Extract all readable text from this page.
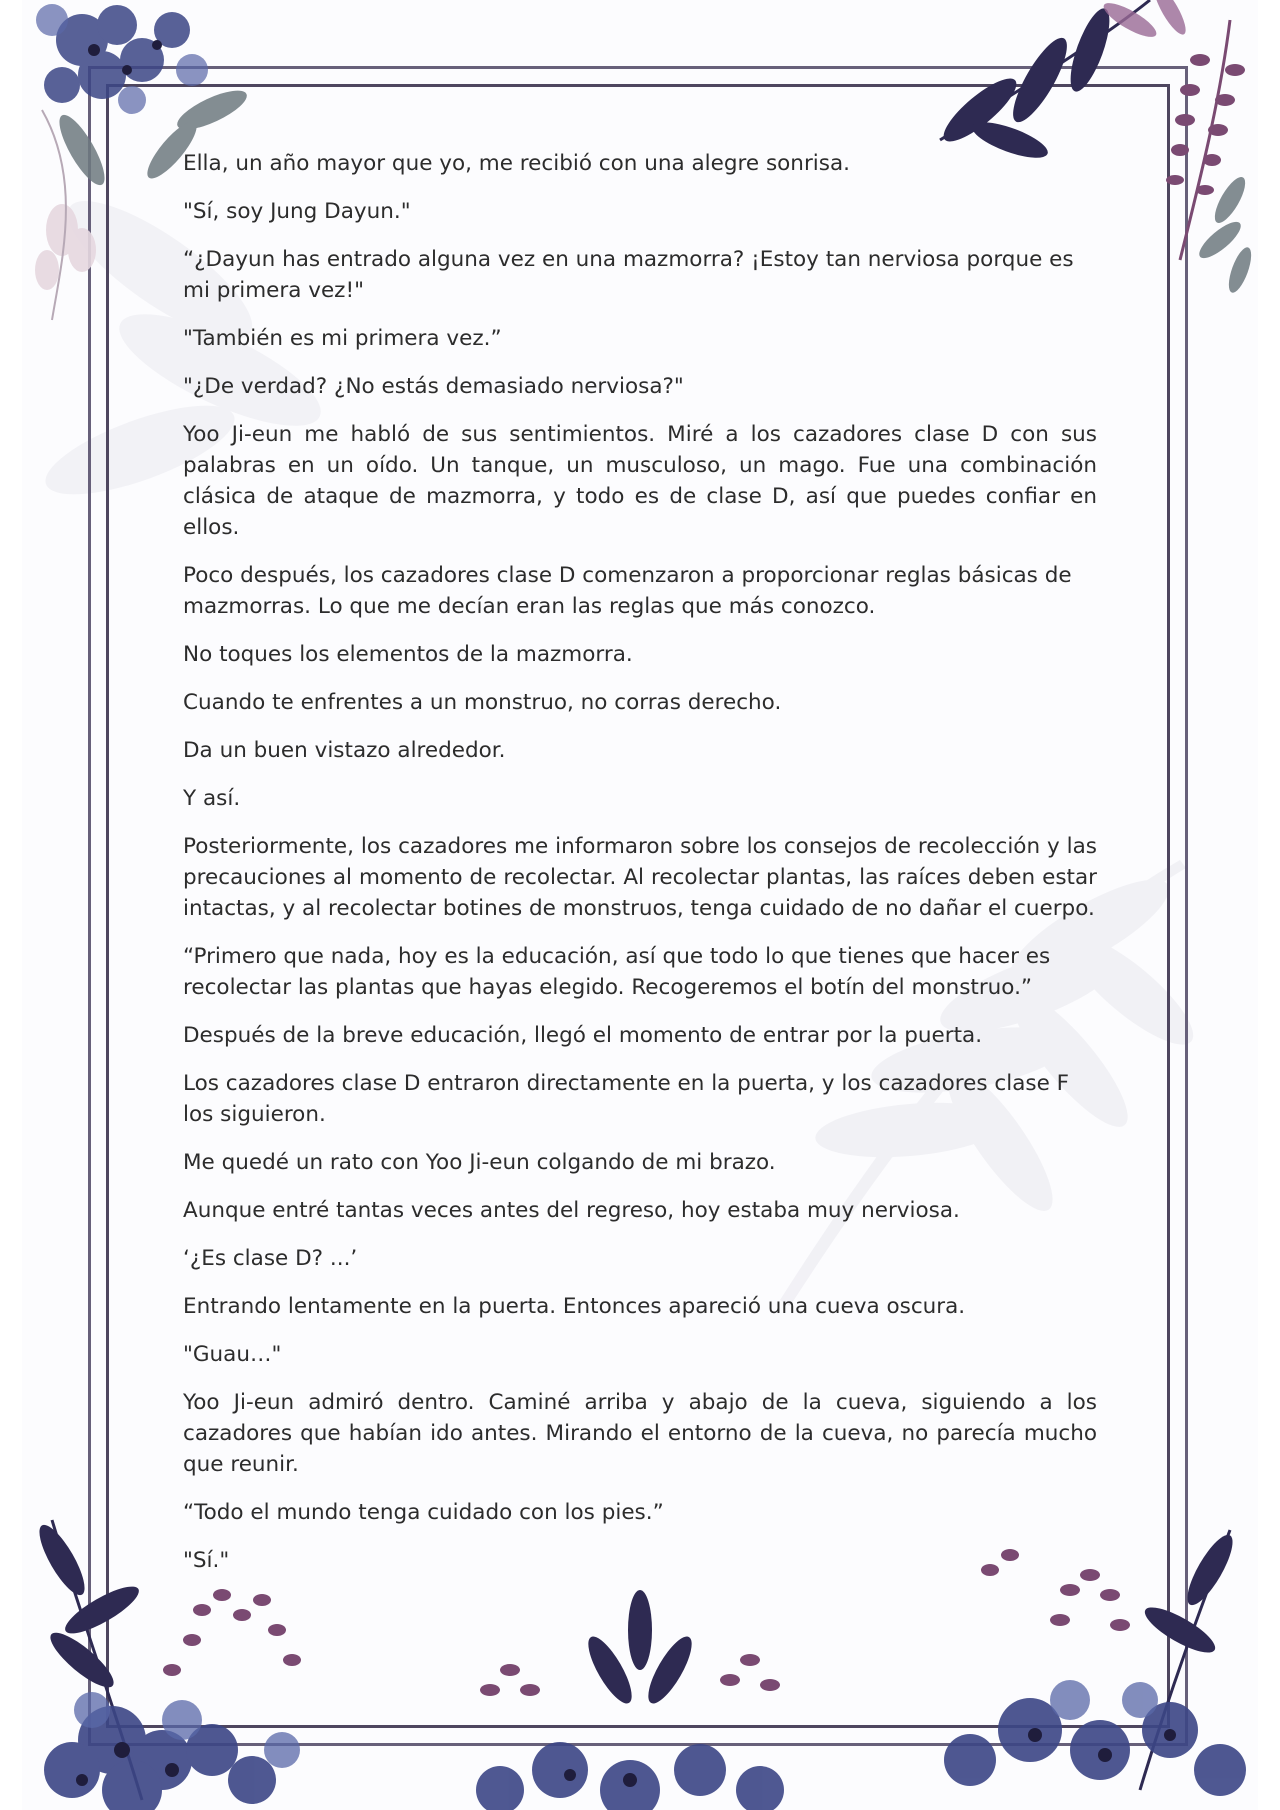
Ella, un año mayor que yo, me recibió con una alegre sonrisa.

"Sí, soy Jung Dayun."

“¿Dayun has entrado alguna vez en una mazmorra? ¡Estoy tan nerviosa porque es mi primera vez!"

"También es mi primera vez.”

"¿De verdad? ¿No estás demasiado nerviosa?"

Yoo Ji-eun me habló de sus sentimientos. Miré a los cazadores clase D con sus palabras en un oído. Un tanque, un musculoso, un mago. Fue una combinación clásica de ataque de mazmorra, y todo es de clase D, así que puedes confiar en ellos.

Poco después, los cazadores clase D comenzaron a proporcionar reglas básicas de mazmorras. Lo que me decían eran las reglas que más conozco.

No toques los elementos de la mazmorra.

Cuando te enfrentes a un monstruo, no corras derecho.

Da un buen vistazo alrededor.

Y así.

Posteriormente, los cazadores me informaron sobre los consejos de recolección y las precauciones al momento de recolectar. Al recolectar plantas, las raíces deben estar intactas, y al recolectar botines de monstruos, tenga cuidado de no dañar el cuerpo.

“Primero que nada, hoy es la educación, así que todo lo que tienes que hacer es recolectar las plantas que hayas elegido. Recogeremos el botín del monstruo.”

Después de la breve educación, llegó el momento de entrar por la puerta.

Los cazadores clase D entraron directamente en la puerta, y los cazadores clase F los siguieron.

Me quedé un rato con Yoo Ji-eun colgando de mi brazo.

Aunque entré tantas veces antes del regreso, hoy estaba muy nerviosa.

‘¿Es clase D? ...’

Entrando lentamente en la puerta. Entonces apareció una cueva oscura.

"Guau…"

Yoo Ji-eun admiró dentro. Caminé arriba y abajo de la cueva, siguiendo a los cazadores que habían ido antes. Mirando el entorno de la cueva, no parecía mucho que reunir.

“Todo el mundo tenga cuidado con los pies.”

"Sí."
